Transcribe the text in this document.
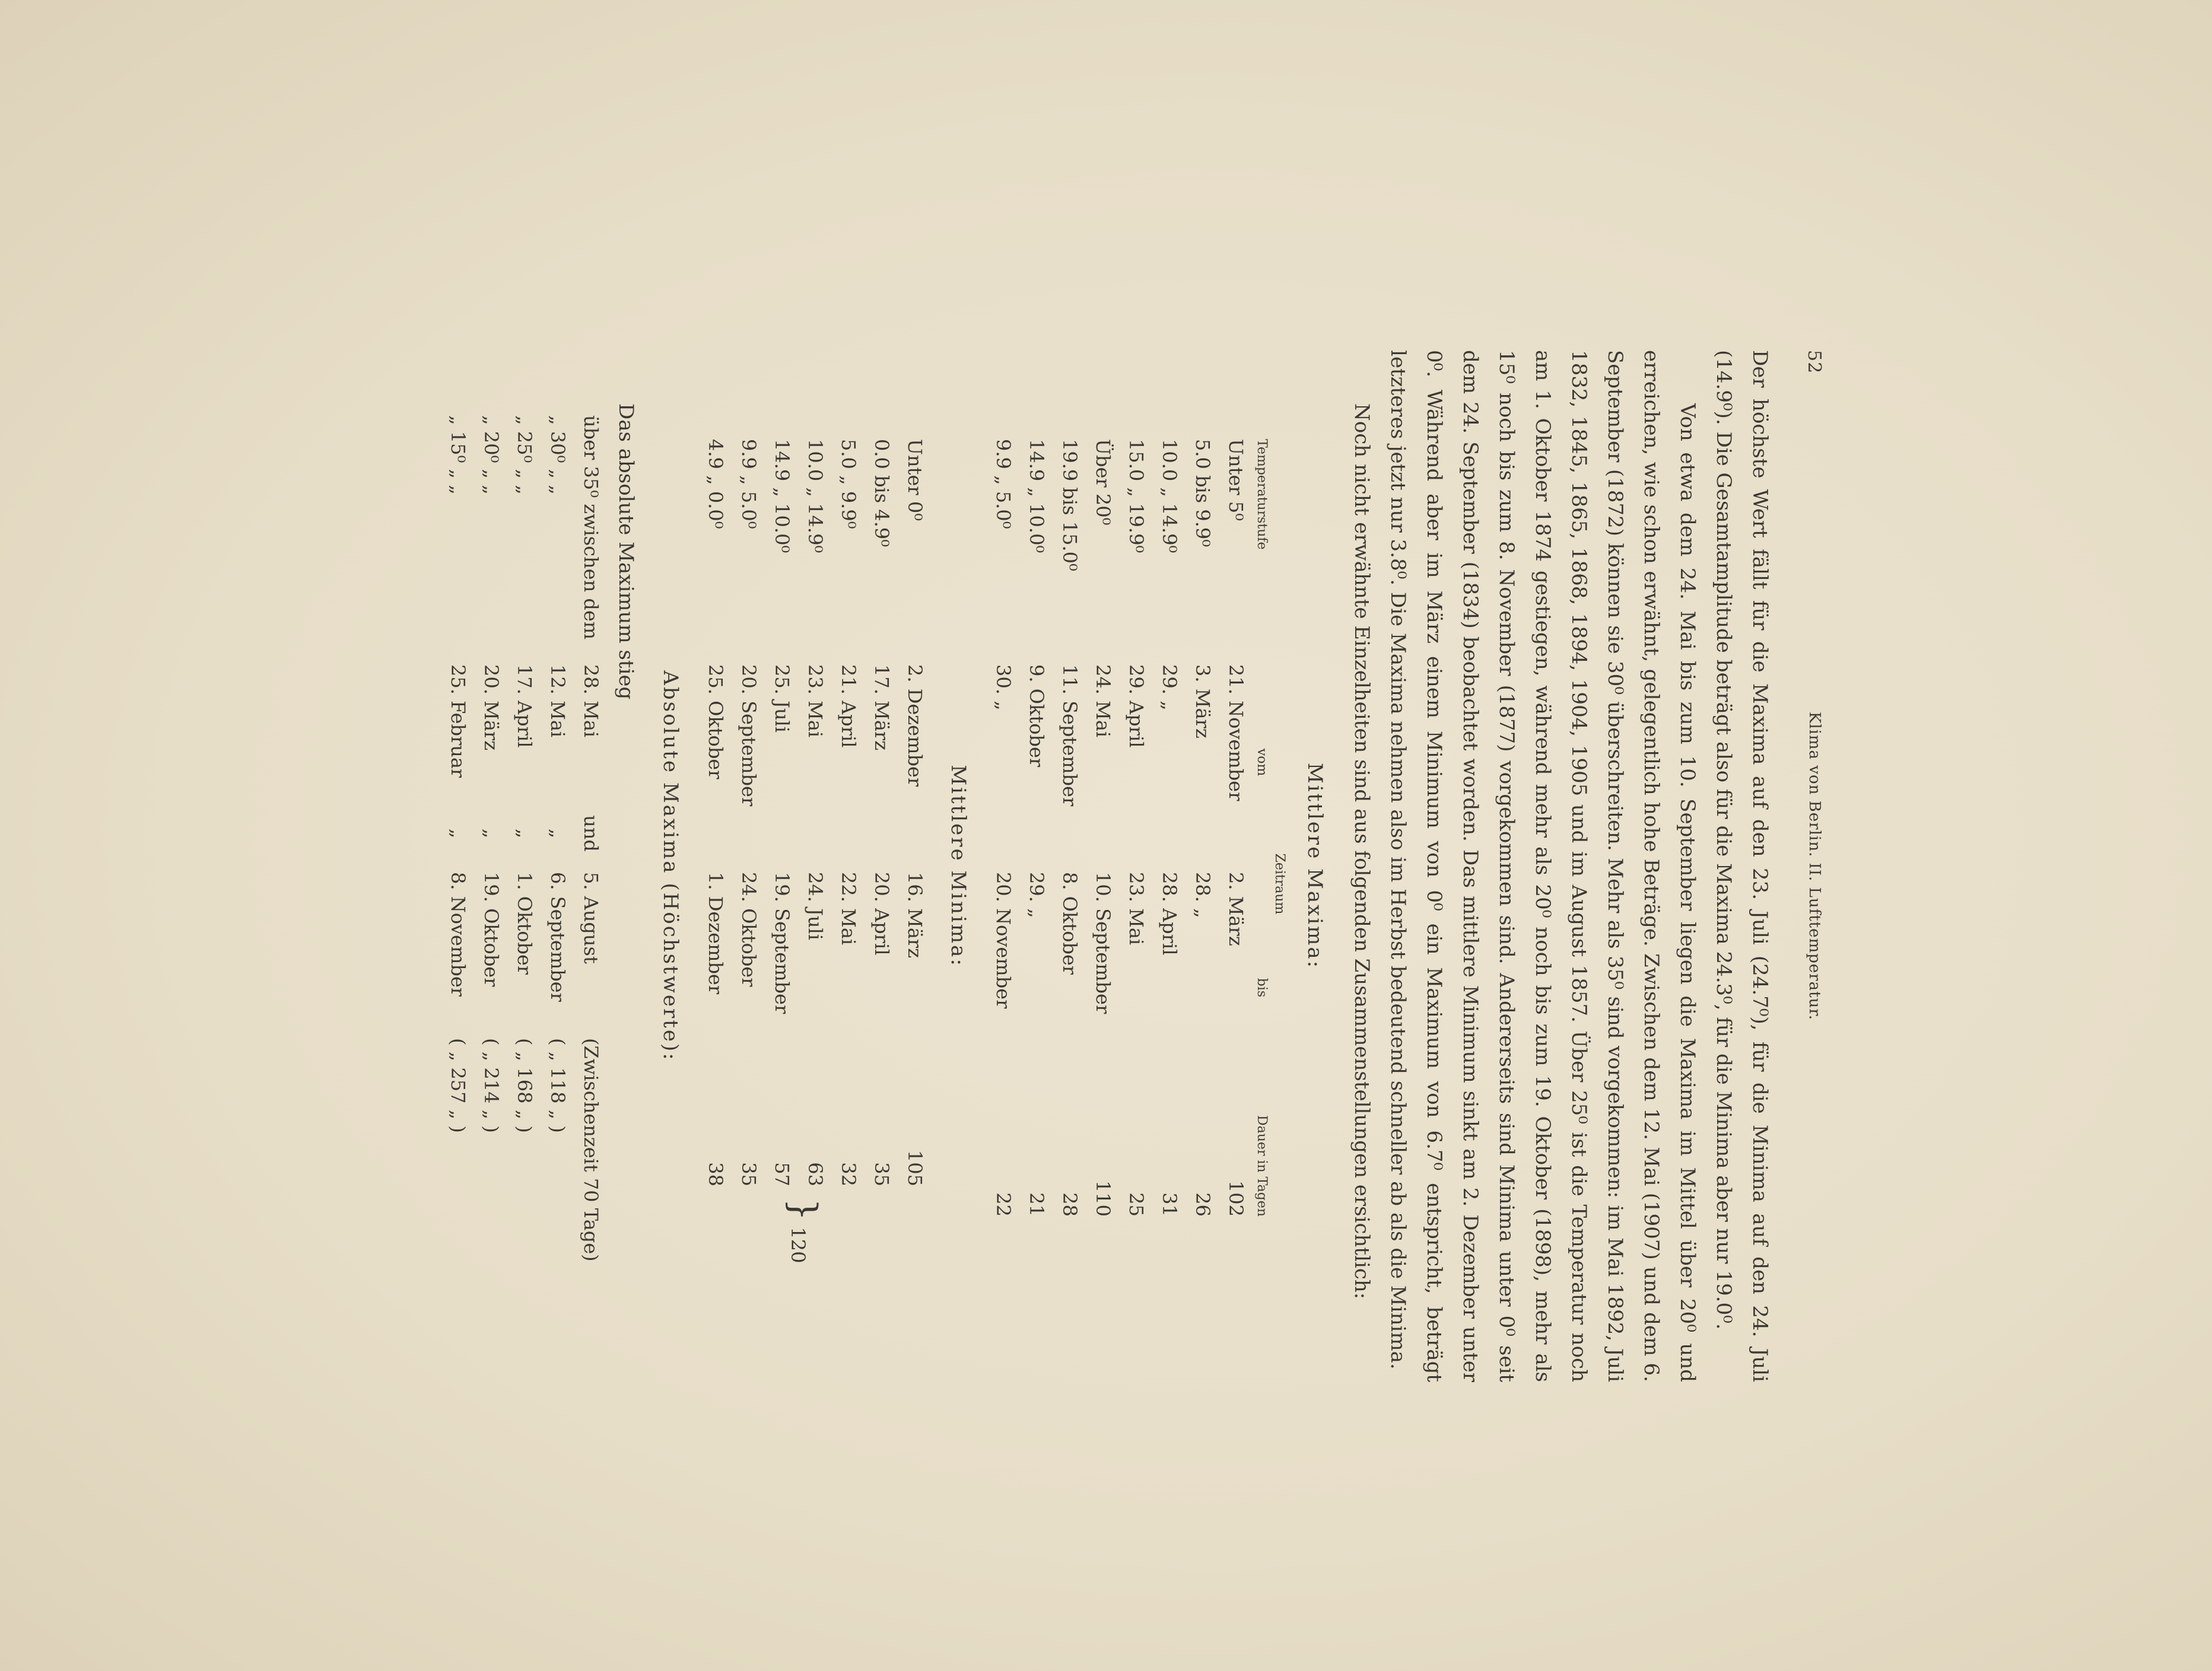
52
Klima von Berlin. II. Lufttemperatur.

Der höchste Wert fällt für die Maxima auf den 23. Juli (24.7⁰), für die Minima auf den 24. Juli (14.9⁰). Die Gesamtamplitude beträgt also für die Maxima 24.3⁰, für die Minima aber nur 19.0⁰.

Von etwa dem 24. Mai bis zum 10. September liegen die Maxima im Mittel über 20⁰ und erreichen, wie schon erwähnt, gelegentlich hohe Beträge. Zwischen dem 12. Mai (1907) und dem 6. September (1872) können sie 30⁰ überschreiten. Mehr als 35⁰ sind vorgekommen: im Mai 1892, Juli 1832, 1845, 1865, 1868, 1894, 1904, 1905 und im August 1857. Über 25⁰ ist die Temperatur noch am 1. Oktober 1874 gestiegen, während mehr als 20⁰ noch bis zum 19. Oktober (1898), mehr als 15⁰ noch bis zum 8. November (1877) vorgekommen sind. Andererseits sind Minima unter 0⁰ seit dem 24. September (1834) beobachtet worden. Das mittlere Minimum sinkt am 2. Dezember unter 0⁰. Während aber im März einem Minimum von 0⁰ ein Maximum von 6.7⁰ entspricht, beträgt letzteres jetzt nur 3.8⁰. Die Maxima nehmen also im Herbst bedeutend schneller ab als die Minima.

Noch nicht erwähnte Einzelheiten sind aus folgenden Zusammenstellungen ersichtlich:

Mittlere Maxima:
Temperaturstufe	Zeitraum		Dauer in Tagen
	vom	bis	
Unter 5⁰	21. November	2. März	102
5.0 bis 9.9⁰	3. März	28. „	26
10.0 „ 14.9⁰	29. „	28. April	31
15.0 „ 19.9⁰	29. April	23. Mai	25
Über 20⁰	24. Mai	10. September	110
19.9 bis 15.0⁰	11. September	8. Oktober	28
14.9 „ 10.0⁰	9. Oktober	29. „	21
9.9 „ 5.0⁰	30. „	20. November	22
Mittlere Minima:
Unter 0⁰	2. Dezember	16. März	105	
0.0 bis 4.9⁰	17. März	20. April	35	
5.0 „ 9.9⁰	21. April	22. Mai	32	
10.0 „ 14.9⁰	23. Mai	24. Juli	63	} 120
14.9 „ 10.0⁰	25. Juli	19. September	57	
9.9 „ 5.0⁰	20. September	24. Oktober	35	
4.9 „ 0.0⁰	25. Oktober	1. Dezember	38	
Absolute Maxima (Höchstwerte):

Das absolute Maximum stieg

über 35⁰ zwischen dem	28. Mai	und	5. August	(Zwischenzeit 70 Tage)
„ 30⁰ „ „	12. Mai	„	6. September	( „ 118 „ )
„ 25⁰ „ „	17. April	„	1. Oktober	( „ 168 „ )
„ 20⁰ „ „	20. März	„	19. Oktober	( „ 214 „ )
„ 15⁰ „ „	25. Februar	„	8. November	( „ 257 „ )
